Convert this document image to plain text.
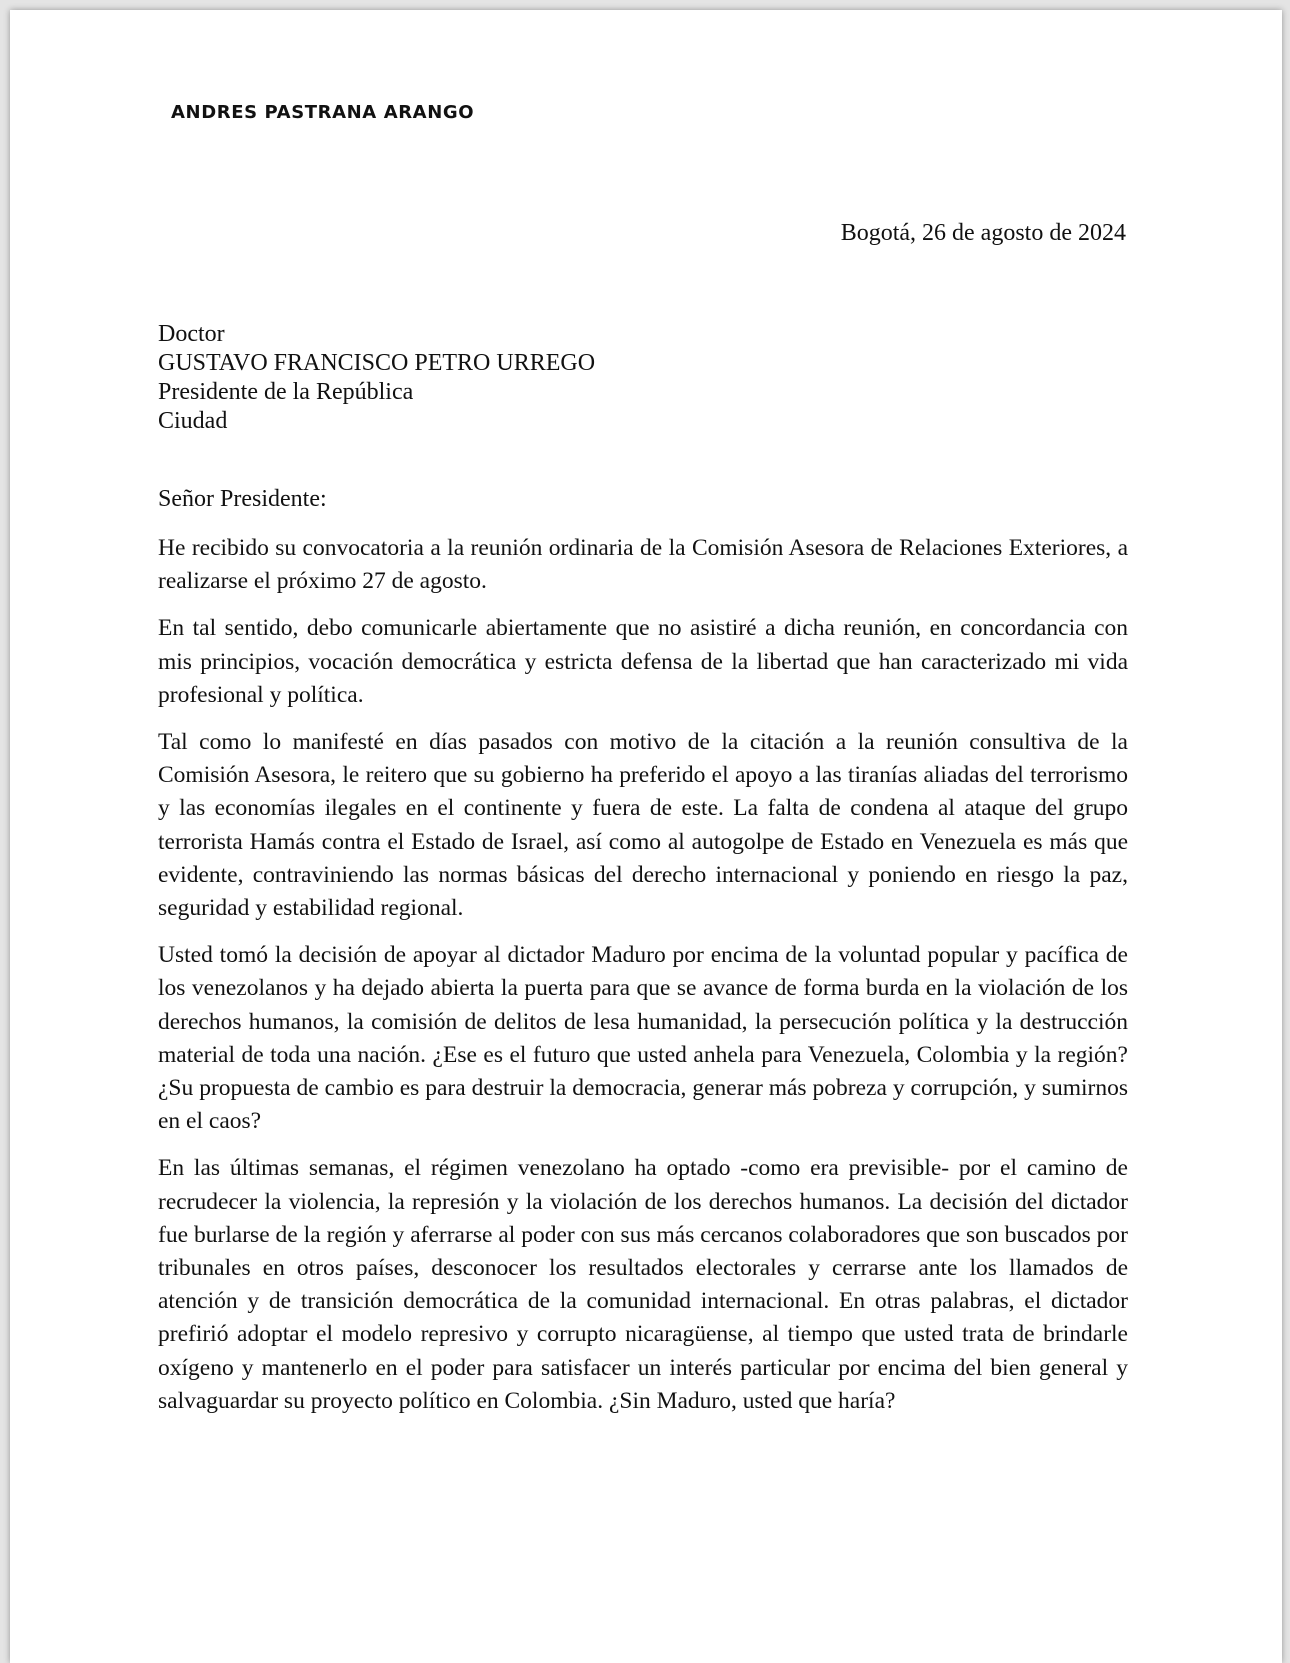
ANDRES PASTRANA ARANGO

Bogotá, 26 de agosto de 2024

Doctor
GUSTAVO FRANCISCO PETRO URREGO
Presidente de la República
Ciudad

Señor Presidente:

He recibido su convocatoria a la reunión ordinaria de la Comisión Asesora de Relaciones Exteriores, a realizarse el próximo 27 de agosto.

En tal sentido, debo comunicarle abiertamente que no asistiré a dicha reunión, en concordancia con mis principios, vocación democrática y estricta defensa de la libertad que han caracterizado mi vida profesional y política.

Tal como lo manifesté en días pasados con motivo de la citación a la reunión consultiva de la Comisión Asesora, le reitero que su gobierno ha preferido el apoyo a las tiranías aliadas del terrorismo y las economías ilegales en el continente y fuera de este. La falta de condena al ataque del grupo terrorista Hamás contra el Estado de Israel, así como al autogolpe de Estado en Venezuela es más que evidente, contraviniendo las normas básicas del derecho internacional y poniendo en riesgo la paz, seguridad y estabilidad regional.

Usted tomó la decisión de apoyar al dictador Maduro por encima de la voluntad popular y pacífica de los venezolanos y ha dejado abierta la puerta para que se avance de forma burda en la violación de los derechos humanos, la comisión de delitos de lesa humanidad, la persecución política y la destrucción material de toda una nación. ¿Ese es el futuro que usted anhela para Venezuela, Colombia y la región? ¿Su propuesta de cambio es para destruir la democracia, generar más pobreza y corrupción, y sumirnos en el caos?

En las últimas semanas, el régimen venezolano ha optado -como era previsible- por el camino de recrudecer la violencia, la represión y la violación de los derechos humanos. La decisión del dictador fue burlarse de la región y aferrarse al poder con sus más cercanos colaboradores que son buscados por tribunales en otros países, desconocer los resultados electorales y cerrarse ante los llamados de atención y de transición democrática de la comunidad internacional. En otras palabras, el dictador prefirió adoptar el modelo represivo y corrupto nicaragüense, al tiempo que usted trata de brindarle oxígeno y mantenerlo en el poder para satisfacer un interés particular por encima del bien general y salvaguardar su proyecto político en Colombia. ¿Sin Maduro, usted que haría?
